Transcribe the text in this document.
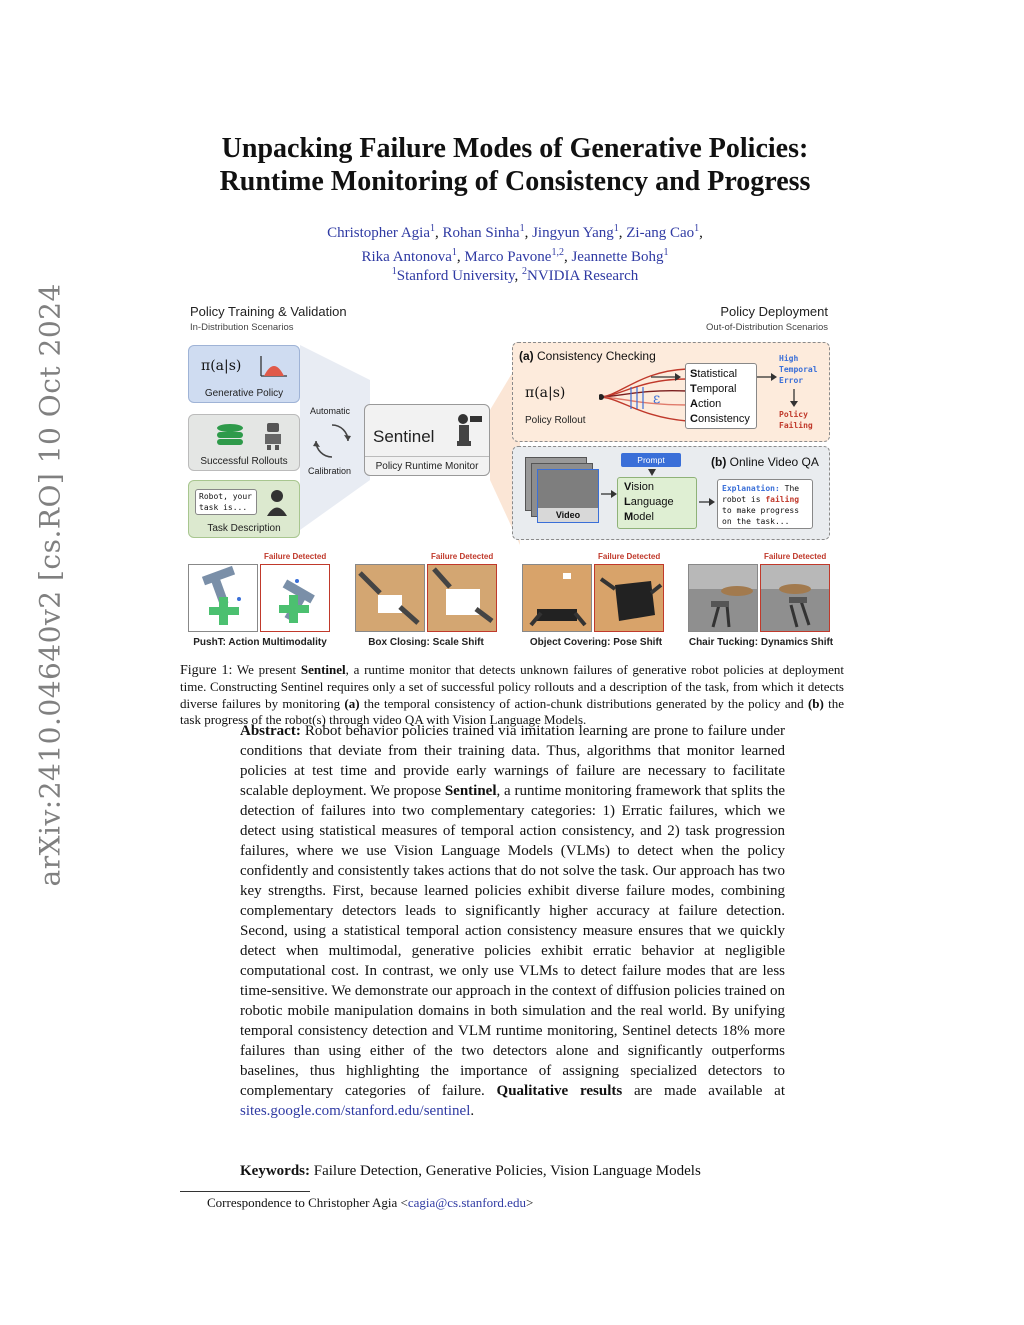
arXiv:2410.04640v2 [cs.RO] 10 Oct 2024
Unpacking Failure Modes of Generative Policies:
Runtime Monitoring of Consistency and Progress
Christopher Agia$^1$, Rohan Sinha$^1$, Jingyun Yang$^1$, Zi-ang Cao$^1$,
Rika Antonova$^1$, Marco Pavone$^{1,2}$, Jeannette Bohg$^1$
$^1$Stanford University, $^2$NVIDIA Research
Policy Training & Validation
In-Distribution Scenarios
Policy Deployment
Out-of-Distribution Scenarios
π(a|s)
Generative Policy
Successful Rollouts
Robot, your
task is...
Task Description
Automatic
Calibration
Sentinel
Policy Runtime Monitor
(a) Consistency Checking
π(a|s)
Policy Rollout
ε
Statistical
Temporal
Action
Consistency
High
Temporal
Error
Policy
Failing
(b) Online Video QA
Video
Prompt
Vision
Language
Model
Explanation: The
robot is failing
to make progress
on the task...
Failure Detected
PushT: Action Multimodality
Failure Detected
Box Closing: Scale Shift
Failure Detected
Object Covering: Pose Shift
Failure Detected
Chair Tucking: Dynamics Shift
Figure 1: We present Sentinel, a runtime monitor that detects unknown failures of generative robot policies at deployment time. Constructing Sentinel requires only a set of successful policy rollouts and a description of the task, from which it detects diverse failures by monitoring (a) the temporal consistency of action-chunk distributions generated by the policy and (b) the task progress of the robot(s) through video QA with Vision Language Models.
Abstract: Robot behavior policies trained via imitation learning are prone to failure under conditions that deviate from their training data. Thus, algorithms that monitor learned policies at test time and provide early warnings of failure are necessary to facilitate scalable deployment. We propose Sentinel, a runtime monitoring framework that splits the detection of failures into two complementary categories: 1) Erratic failures, which we detect using statistical measures of temporal action consistency, and 2) task progression failures, where we use Vision Language Models (VLMs) to detect when the policy confidently and consistently takes actions that do not solve the task. Our approach has two key strengths. First, because learned policies exhibit diverse failure modes, combining complementary detectors leads to significantly higher accuracy at failure detection. Second, using a statistical temporal action consistency measure ensures that we quickly detect when multimodal, generative policies exhibit erratic behavior at negligible computational cost. In contrast, we only use VLMs to detect failure modes that are less time-sensitive. We demonstrate our approach in the context of diffusion policies trained on robotic mobile manipulation domains in both simulation and the real world. By unifying temporal consistency detection and VLM runtime monitoring, Sentinel detects 18% more failures than using either of the two detectors alone and significantly outperforms baselines, thus highlighting the importance of assigning specialized detectors to complementary categories of failure. Qualitative results are made available at sites.google.com/stanford.edu/sentinel.
Keywords: Failure Detection, Generative Policies, Vision Language Models
Correspondence to Christopher Agia <cagia@cs.stanford.edu>
